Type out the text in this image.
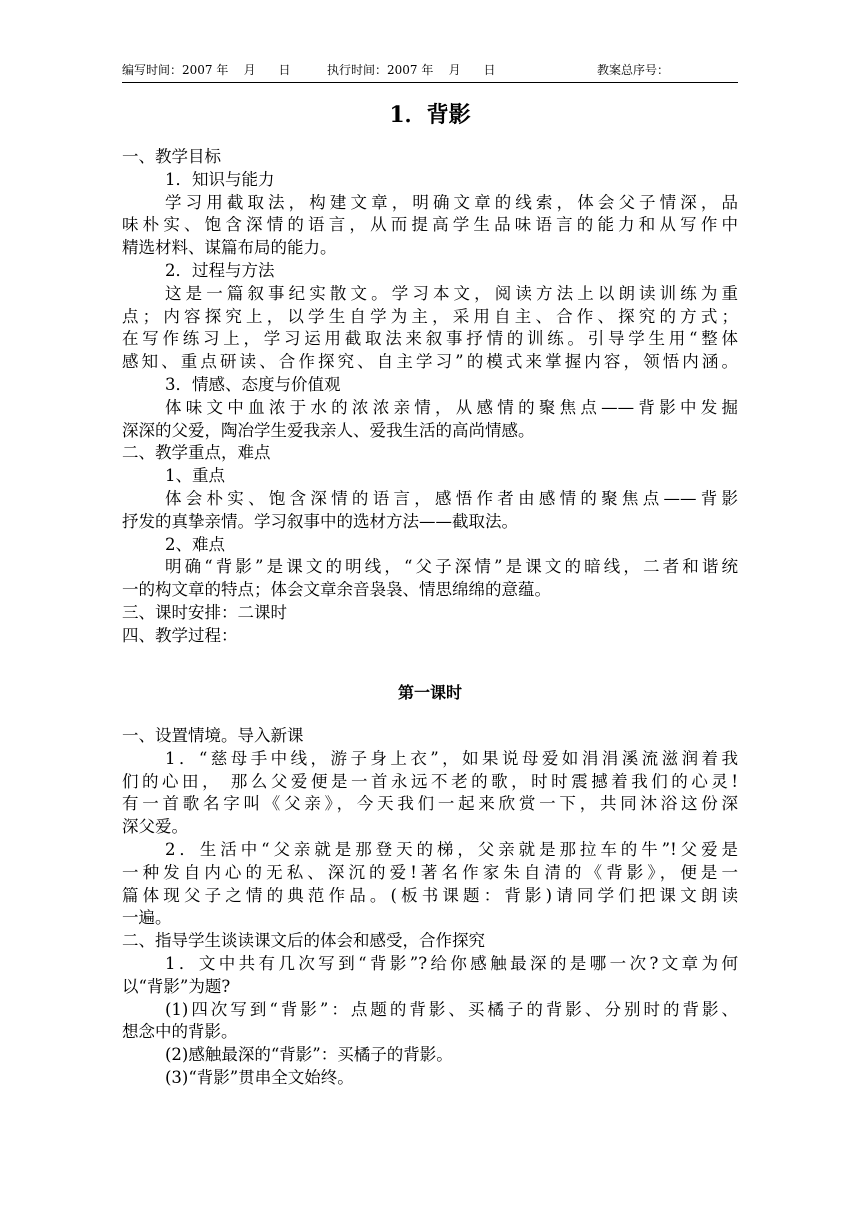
编写时间：2007 年    月      日	执行时间：2007 年    月      日	教案总序号：
1．背影

一、教学目标

1．知识与能力

学习用截取法，构建文章，明确文章的线索，体会父子情深，品

味朴实、饱含深情的语言，从而提高学生品味语言的能力和从写作中

精选材料、谋篇布局的能力。

2．过程与方法

这是一篇叙事纪实散文。学习本文，阅读方法上以朗读训练为重

点；内容探究上，以学生自学为主，采用自主、合作、探究的方式；

在写作练习上，学习运用截取法来叙事抒情的训练。引导学生用“整体

感知、重点研读、合作探究、自主学习”的模式来掌握内容，领悟内涵。

3．情感、态度与价值观

体味文中血浓于水的浓浓亲情，从感情的聚焦点——背影中发掘

深深的父爱，陶冶学生爱我亲人、爱我生活的高尚情感。

二、教学重点，难点

1、重点

体会朴实、饱含深情的语言，感悟作者由感情的聚焦点——背影

抒发的真挚亲情。学习叙事中的选材方法——截取法。

2、难点

明确“背影”是课文的明线，“父子深情”是课文的暗线，二者和谐统

一的构文章的特点；体会文章余音袅袅、情思绵绵的意蕴。

三、课时安排：二课时

四、教学过程：

第一课时

一、设置情境。导入新课

1．“慈母手中线，游子身上衣”，如果说母爱如涓涓溪流滋润着我

们的心田， 那么父爱便是一首永远不老的歌，时时震撼着我们的心灵!

有一首歌名字叫《父亲》，今天我们一起来欣赏一下，共同沐浴这份深

深父爱。

2．生活中“父亲就是那登天的梯，父亲就是那拉车的牛”!父爱是

一种发自内心的无私、深沉的爱!著名作家朱自清的《背影》，便是一

篇体现父子之情的典范作品。(板书课题：背影)请同学们把课文朗读

一遍。

二、指导学生谈读课文后的体会和感受，合作探究

1．文中共有几次写到“背影”?给你感触最深的是哪一次?文章为何

以“背影”为题?

(1)四次写到“背影”：点题的背影、买橘子的背影、分别时的背影、

想念中的背影。

(2)感触最深的“背影”：买橘子的背影。

(3)“背影”贯串全文始终。
